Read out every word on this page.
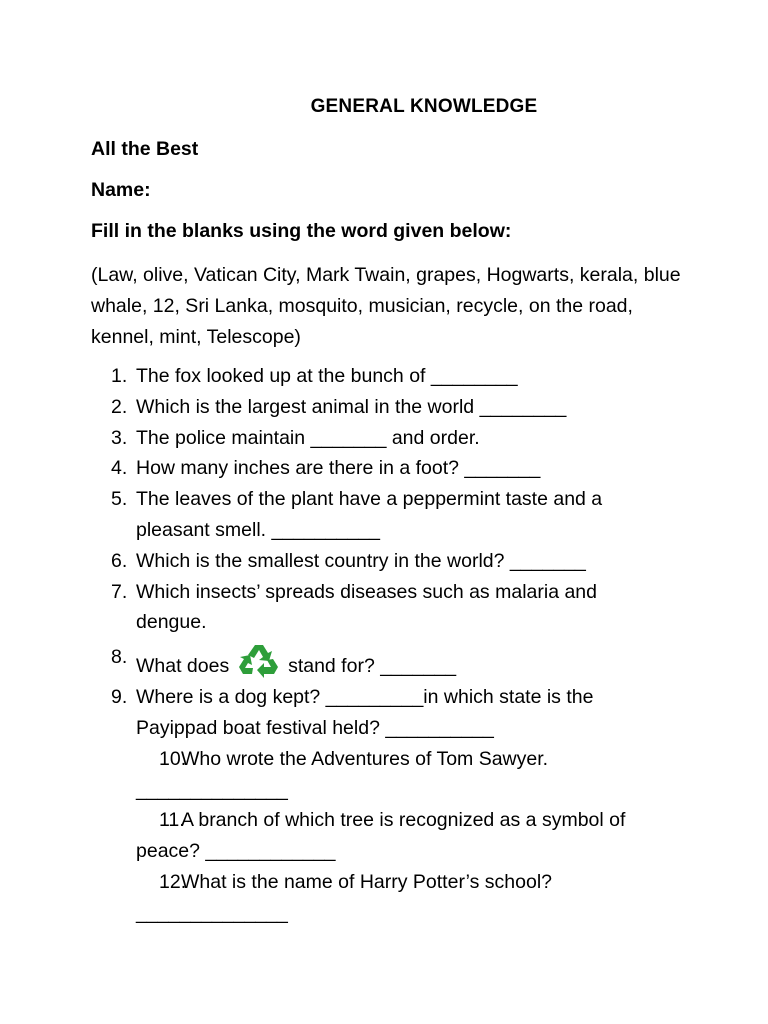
GENERAL KNOWLEDGE
All the Best
Name:
Fill in the blanks using the word given below:
(Law, olive, Vatican City, Mark Twain, grapes, Hogwarts, kerala, blue whale, 12, Sri Lanka, mosquito, musician, recycle, on the road, kennel, mint, Telescope)
1. The fox looked up at the bunch of ________
2. Which is the largest animal in the world ________
3. The police maintain _______ and order.
4. How many inches are there in a foot? _______
5. The leaves of the plant have a peppermint taste and a pleasant smell. __________
6. Which is the smallest country in the world? _______
7. Which insects’ spreads diseases such as malaria and dengue.
8. What does	stand for? _______
9. Where is a dog kept? _________in which state is the Payippad boat festival held? __________
10.
Who wrote the Adventures of Tom Sawyer. ______________
11.
A branch of which tree is recognized as a symbol of peace? ____________
12.
What is the name of Harry Potter’s school? ______________
